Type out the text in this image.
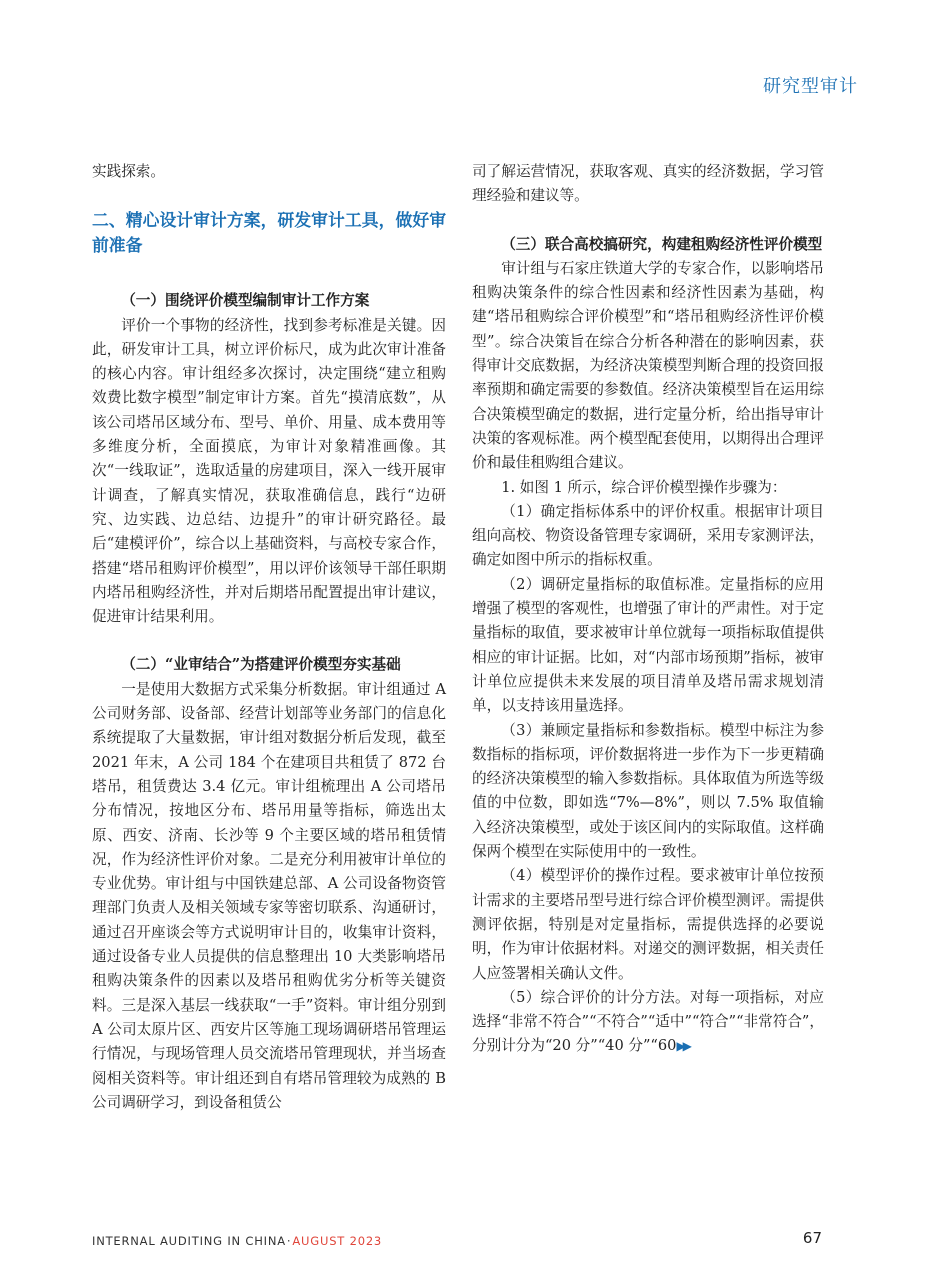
研究型审计

实践探索。

二、精心设计审计方案，研发审计工具，做好审前准备

（一）围绕评价模型编制审计工作方案

评价一个事物的经济性，找到参考标准是关键。因此，研发审计工具，树立评价标尺，成为此次审计准备的核心内容。审计组经多次探讨，决定围绕“建立租购效费比数字模型”制定审计方案。首先“摸清底数”，从该公司塔吊区域分布、型号、单价、用量、成本费用等多维度分析，全面摸底，为审计对象精准画像。其次“一线取证”，选取适量的房建项目，深入一线开展审计调查，了解真实情况，获取准确信息，践行“边研究、边实践、边总结、边提升”的审计研究路径。最后“建模评价”，综合以上基础资料，与高校专家合作，搭建“塔吊租购评价模型”，用以评价该领导干部任职期内塔吊租购经济性，并对后期塔吊配置提出审计建议，促进审计结果利用。

（二）“业审结合”为搭建评价模型夯实基础

一是使用大数据方式采集分析数据。审计组通过 A 公司财务部、设备部、经营计划部等业务部门的信息化系统提取了大量数据，审计组对数据分析后发现，截至 2021 年末，A 公司 184 个在建项目共租赁了 872 台塔吊，租赁费达 3.4 亿元。审计组梳理出 A 公司塔吊分布情况，按地区分布、塔吊用量等指标，筛选出太原、西安、济南、长沙等 9 个主要区域的塔吊租赁情况，作为经济性评价对象。二是充分利用被审计单位的专业优势。审计组与中国铁建总部、A 公司设备物资管理部门负责人及相关领域专家等密切联系、沟通研讨，通过召开座谈会等方式说明审计目的，收集审计资料，通过设备专业人员提供的信息整理出 10 大类影响塔吊租购决策条件的因素以及塔吊租购优劣分析等关键资料。三是深入基层一线获取“一手”资料。审计组分别到 A 公司太原片区、西安片区等施工现场调研塔吊管理运行情况，与现场管理人员交流塔吊管理现状，并当场查阅相关资料等。审计组还到自有塔吊管理较为成熟的 B 公司调研学习，到设备租赁公

司了解运营情况，获取客观、真实的经济数据，学习管理经验和建议等。

（三）联合高校搞研究，构建租购经济性评价模型

审计组与石家庄铁道大学的专家合作，以影响塔吊租购决策条件的综合性因素和经济性因素为基础，构建“塔吊租购综合评价模型”和“塔吊租购经济性评价模型”。综合决策旨在综合分析各种潜在的影响因素，获得审计交底数据，为经济决策模型判断合理的投资回报率预期和确定需要的参数值。经济决策模型旨在运用综合决策模型确定的数据，进行定量分析，给出指导审计决策的客观标准。两个模型配套使用，以期得出合理评价和最佳租购组合建议。

1. 如图 1 所示，综合评价模型操作步骤为：

（1）确定指标体系中的评价权重。根据审计项目组向高校、物资设备管理专家调研，采用专家测评法，确定如图中所示的指标权重。

（2）调研定量指标的取值标准。定量指标的应用增强了模型的客观性，也增强了审计的严肃性。对于定量指标的取值，要求被审计单位就每一项指标取值提供相应的审计证据。比如，对“内部市场预期”指标，被审计单位应提供未来发展的项目清单及塔吊需求规划清单，以支持该用量选择。

（3）兼顾定量指标和参数指标。模型中标注为参数指标的指标项，评价数据将进一步作为下一步更精确的经济决策模型的输入参数指标。具体取值为所选等级值的中位数，即如选“7%—8%”，则以 7.5% 取值输入经济决策模型，或处于该区间内的实际取值。这样确保两个模型在实际使用中的一致性。

（4）模型评价的操作过程。要求被审计单位按预计需求的主要塔吊型号进行综合评价模型测评。需提供测评依据，特别是对定量指标，需提供选择的必要说明，作为审计依据材料。对递交的测评数据，相关责任人应签署相关确认文件。

（5）综合评价的计分方法。对每一项指标，对应选择“非常不符合”“不符合”“适中”“符合”“非常符合”，分别计分为“20 分”“40 分”“60▶▶

INTERNAL AUDITING IN CHINA·AUGUST 2023	67
